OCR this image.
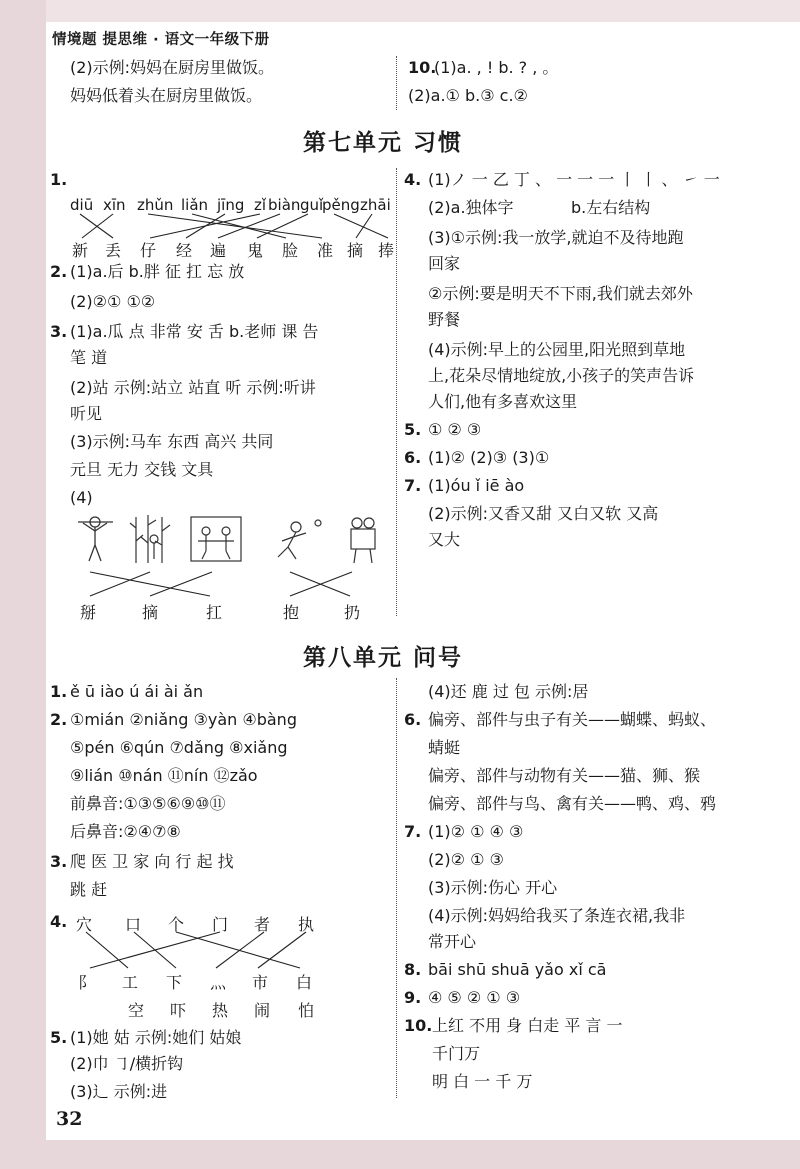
情境题 提思维 · 语文一年级下册
(2)示例:妈妈在厨房里做饭。
妈妈低着头在厨房里做饭。
10.
(1)a. , ! b. ? , 。
(2)a.① b.③ c.②
第七单元 习惯
1.
diū xīn zhǔn liǎn jīng zǐ biàn guǐ
pěng zhāi
新 丢 仔 经 遍 鬼 脸 准 摘 捧
2. (1)a.后 b.胖 征 扛 忘 放
(2)②① ①②
3. (1)a.瓜 点 非常 安 舌 b.老师 课 告
笔 道
(2)站 示例:站立 站直 听 示例:听讲
听见
(3)示例:马车 东西 高兴 共同
元旦 无力 交钱 文具
(4)
掰	摘	扛	抱	扔
4. (1)ノ 一 乙 丁 、 一 一 一 丨 丨 、 ㇀ 一
(2)a.独体字	b.左右结构
(3)①示例:我一放学,就迫不及待地跑
回家
②示例:要是明天不下雨,我们就去郊外
野餐
(4)示例:早上的公园里,阳光照到草地
上,花朵尽情地绽放,小孩子的笑声告诉
人们,他有多喜欢这里
5. ① ② ③
6. (1)② (2)③ (3)①
7. (1)óu ǐ iē ào
(2)示例:又香又甜 又白又软 又高
又大
第八单元 问号
1. ě ū iào ú ái ài ǎn
2. ①mián ②niǎng ③yàn ④bàng
⑤pén ⑥qún ⑦dǎng ⑧xiǎng
⑨lián ⑩nán ⑪nín ⑫zǎo
前鼻音:①③⑤⑥⑨⑩⑪
后鼻音:②④⑦⑧
3. 爬 医 卫 家 向 行 起 找
跳 赶
4. 穴 口 个 门 者 执
阝 工 下 灬 市 白
空 吓 热 闹 怕
5. (1)她 姑 示例:她们 姑娘
(2)巾 ㇆/横折钩
(3)辶 示例:进
(4)还 鹿 过 包 示例:居
6. 偏旁、部件与虫子有关——蝴蝶、蚂蚁、
蜻蜓
偏旁、部件与动物有关——猫、狮、猴
偏旁、部件与鸟、禽有关——鸭、鸡、鸦
7. (1)② ① ④ ③
(2)② ① ③
(3)示例:伤心 开心
(4)示例:妈妈给我买了条连衣裙,我非
常开心
8. bāi shū shuā yǎo xǐ cā
9. ④ ⑤ ② ① ③
10. 上红 不用 身 白走 平 言 一
千门万
明 白 一 千 万
32
